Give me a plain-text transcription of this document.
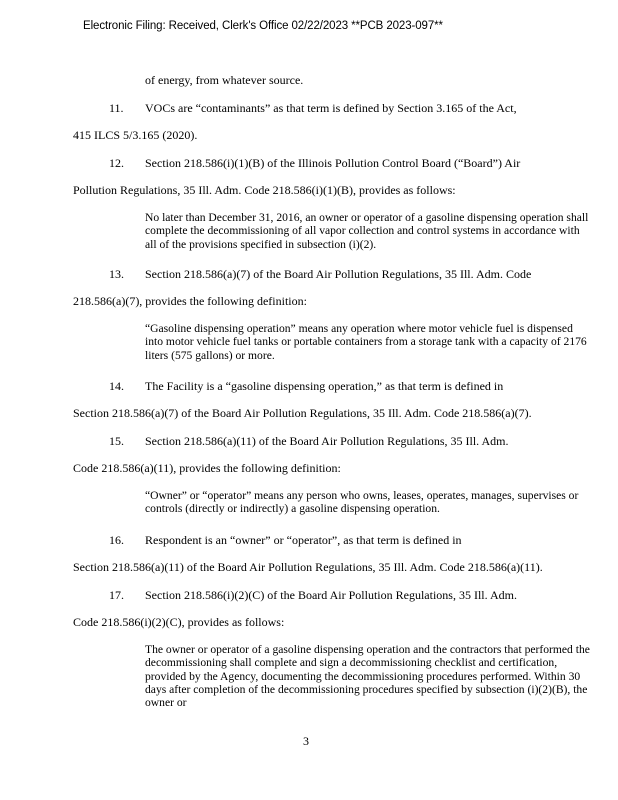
Electronic Filing: Received, Clerk's Office 02/22/2023 **PCB 2023-097**
of energy, from whatever source.
11. VOCs are “contaminants” as that term is defined by Section 3.165 of the Act,
415 ILCS 5/3.165 (2020).
12. Section 218.586(i)(1)(B) of the Illinois Pollution Control Board (“Board”) Air
Pollution Regulations, 35 Ill. Adm. Code 218.586(i)(1)(B), provides as follows:
No later than December 31, 2016, an owner or operator of a gasoline dispensing operation shall complete the decommissioning of all vapor collection and control systems in accordance with all of the provisions specified in subsection (i)(2).
13. Section 218.586(a)(7) of the Board Air Pollution Regulations, 35 Ill. Adm. Code
218.586(a)(7), provides the following definition:
“Gasoline dispensing operation” means any operation where motor vehicle fuel is dispensed into motor vehicle fuel tanks or portable containers from a storage tank with a capacity of 2176 liters (575 gallons) or more.
14. The Facility is a “gasoline dispensing operation,” as that term is defined in
Section 218.586(a)(7) of the Board Air Pollution Regulations, 35 Ill. Adm. Code 218.586(a)(7).
15. Section 218.586(a)(11) of the Board Air Pollution Regulations, 35 Ill. Adm.
Code 218.586(a)(11), provides the following definition:
“Owner” or “operator” means any person who owns, leases, operates, manages, supervises or controls (directly or indirectly) a gasoline dispensing operation.
16. Respondent is an “owner” or “operator”, as that term is defined in
Section 218.586(a)(11) of the Board Air Pollution Regulations, 35 Ill. Adm. Code 218.586(a)(11).
17. Section 218.586(i)(2)(C) of the Board Air Pollution Regulations, 35 Ill. Adm.
Code 218.586(i)(2)(C), provides as follows:
The owner or operator of a gasoline dispensing operation and the contractors that performed the decommissioning shall complete and sign a decommissioning checklist and certification, provided by the Agency, documenting the decommissioning procedures performed. Within 30 days after completion of the decommissioning procedures specified by subsection (i)(2)(B), the owner or
3
